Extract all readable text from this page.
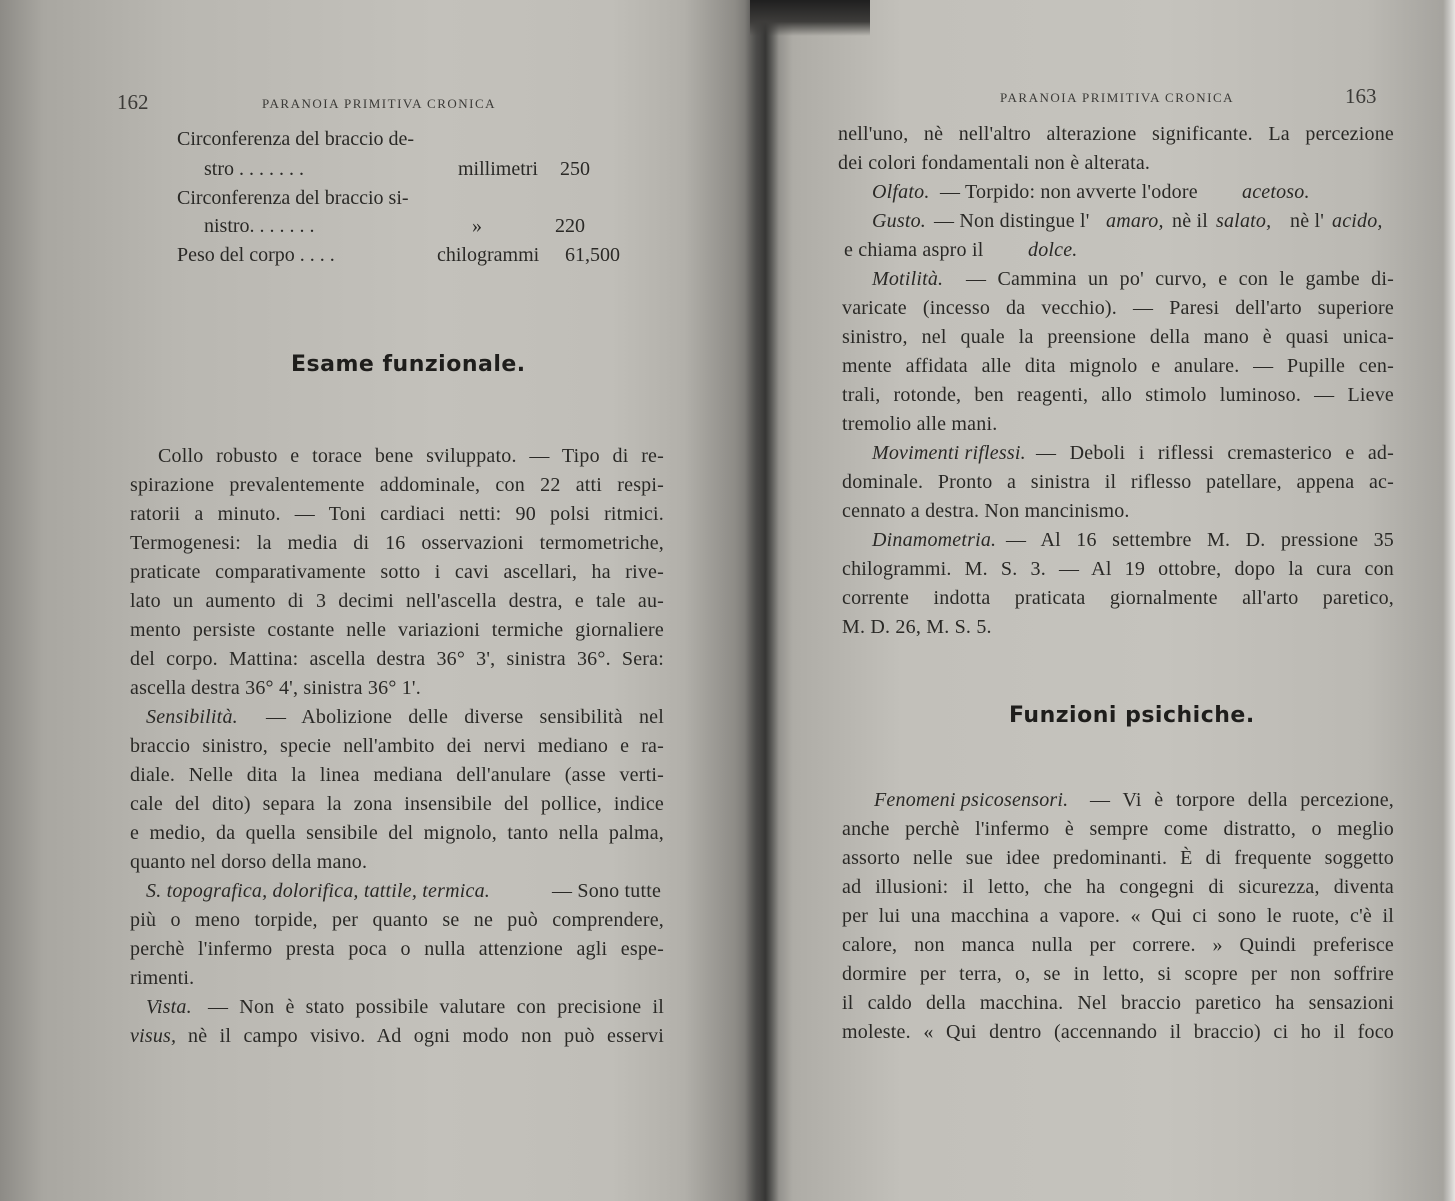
162	PARANOIA PRIMITIVA CRONICA
Circonferenza del braccio de-
stro . . . . . . .	millimetri 250
Circonferenza del braccio si-
nistro. . . . . . .	»	220
Peso del corpo . . . .	chilogrammi 61,500
Esame funzionale.
Collo robusto e torace bene sviluppato. — Tipo di re-
spirazione prevalentemente addominale, con 22 atti respi-
ratorii a minuto. — Toni cardiaci netti: 90 polsi ritmici.
Termogenesi: la media di 16 osservazioni termometriche,
praticate comparativamente sotto i cavi ascellari, ha rive-
lato un aumento di 3 decimi nell'ascella destra, e tale au-
mento persiste costante nelle variazioni termiche giornaliere
del corpo. Mattina: ascella destra 36° 3', sinistra 36°. Sera:
ascella destra 36° 4', sinistra 36° 1'.
Sensibilità. — Abolizione delle diverse sensibilità nel
braccio sinistro, specie nell'ambito dei nervi mediano e ra-
diale. Nelle dita la linea mediana dell'anulare (asse verti-
cale del dito) separa la zona insensibile del pollice, indice
e medio, da quella sensibile del mignolo, tanto nella palma,
quanto nel dorso della mano.
S. topografica, dolorifica, tattile, termica.	— Sono tutte
più o meno torpide, per quanto se ne può comprendere,
perchè l'infermo presta poca o nulla attenzione agli espe-
rimenti.
Vista. — Non è stato possibile valutare con precisione il
visus, nè il campo visivo. Ad ogni modo non può esservi
PARANOIA PRIMITIVA CRONICA	163
nell'uno, nè nell'altro alterazione significante. La percezione
dei colori fondamentali non è alterata.
Olfato. — Torpido: non avverte l'odore acetoso.
Gusto. — Non distingue l' amaro, nè il salato, nè l' acido,
e chiama aspro il dolce.
Motilità. — Cammina un po' curvo, e con le gambe di-
varicate (incesso da vecchio). — Paresi dell'arto superiore
sinistro, nel quale la preensione della mano è quasi unica-
mente affidata alle dita mignolo e anulare. — Pupille cen-
trali, rotonde, ben reagenti, allo stimolo luminoso. — Lieve
tremolio alle mani.
Movimenti riflessi. — Deboli i riflessi cremasterico e ad-
dominale. Pronto a sinistra il riflesso patellare, appena ac-
cennato a destra. Non mancinismo.
Dinamometria. — Al 16 settembre M. D. pressione 35
chilogrammi. M. S. 3. — Al 19 ottobre, dopo la cura con
corrente indotta praticata giornalmente all'arto paretico,
M. D. 26, M. S. 5.
Funzioni psichiche.
Fenomeni psicosensori. — Vi è torpore della percezione,
anche perchè l'infermo è sempre come distratto, o meglio
assorto nelle sue idee predominanti. È di frequente soggetto
ad illusioni: il letto, che ha congegni di sicurezza, diventa
per lui una macchina a vapore. « Qui ci sono le ruote, c'è il
calore, non manca nulla per correre. » Quindi preferisce
dormire per terra, o, se in letto, si scopre per non soffrire
il caldo della macchina. Nel braccio paretico ha sensazioni
moleste. « Qui dentro (accennando il braccio) ci ho il foco
